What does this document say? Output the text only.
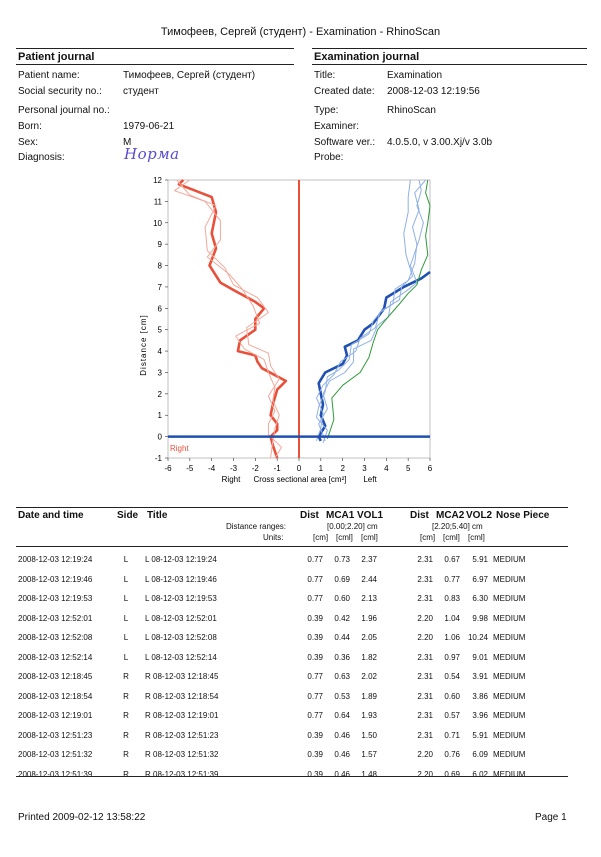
Тимофеев, Сергей (студент) - Examination - RhinoScan
Patient journal
Patient name:	Тимофеев, Сергей (студент)
Social security no.: студент
Personal journal no.:
Born:	1979-06-21
Sex:	M
Diagnosis:	Норма
Examination journal
Title:	Examination
Created date: 2008-12-03 12:19:56
Type:	RhinoScan
Examiner:
Software ver.: 4.0.5.0, v 3.00.Xj/v 3.0b
Probe:
-6 -5 -4 -3 -2 -1 0 1 2 3 4 5 6
-1
0
1
2
3
4
5
6
7
8
9
10
11
12
Distance [cm]
Cross sectional area [cm²]
Right	Left
Right
Date and time	Side Title	Dist MCA1 VOL1	Dist MCA2 VOL2 Nose Piece
Distance ranges:	[0.00;2.20] cm	[2.20;5.40] cm
Units:	[cm] [cml] [cml]	[cm] [cml] [cml]
2008-12-03 12:19:24	L	L 08-12-03 12:19:24	0.77	0.73	2.37	2.31	0.67	5.91 MEDIUM
2008-12-03 12:19:46	L	L 08-12-03 12:19:46	0.77	0.69	2.44	2.31	0.77	6.97 MEDIUM
2008-12-03 12:19:53	L	L 08-12-03 12:19:53	0.77	0.60	2.13	2.31	0.83	6.30 MEDIUM
2008-12-03 12:52:01	L	L 08-12-03 12:52:01	0.39	0.42	1.96	2.20	1.04	9.98 MEDIUM
2008-12-03 12:52:08	L	L 08-12-03 12:52:08	0.39	0.44	2.05	2.20	1.06 10.24 MEDIUM
2008-12-03 12:52:14	L	L 08-12-03 12:52:14	0.39	0.36	1.82	2.31	0.97	9.01 MEDIUM
2008-12-03 12:18:45	R	R 08-12-03 12:18:45	0.77	0.63	2.02	2.31	0.54	3.91 MEDIUM
2008-12-03 12:18:54	R	R 08-12-03 12:18:54	0.77	0.53	1.89	2.31	0.60	3.86 MEDIUM
2008-12-03 12:19:01	R	R 08-12-03 12:19:01	0.77	0.64	1.93	2.31	0.57	3.96 MEDIUM
2008-12-03 12:51:23	R	R 08-12-03 12:51:23	0.39	0.46	1.50	2.31	0.71	5.91 MEDIUM
2008-12-03 12:51:32	R	R 08-12-03 12:51:32	0.39	0.46	1.57	2.20	0.76	6.09 MEDIUM
2008-12-03 12:51:39	R	R 08-12-03 12:51:39	0.39	0.46	1.48	2.20	0.69	6.02 MEDIUM
Printed 2009-02-12 13:58:22	Page 1
